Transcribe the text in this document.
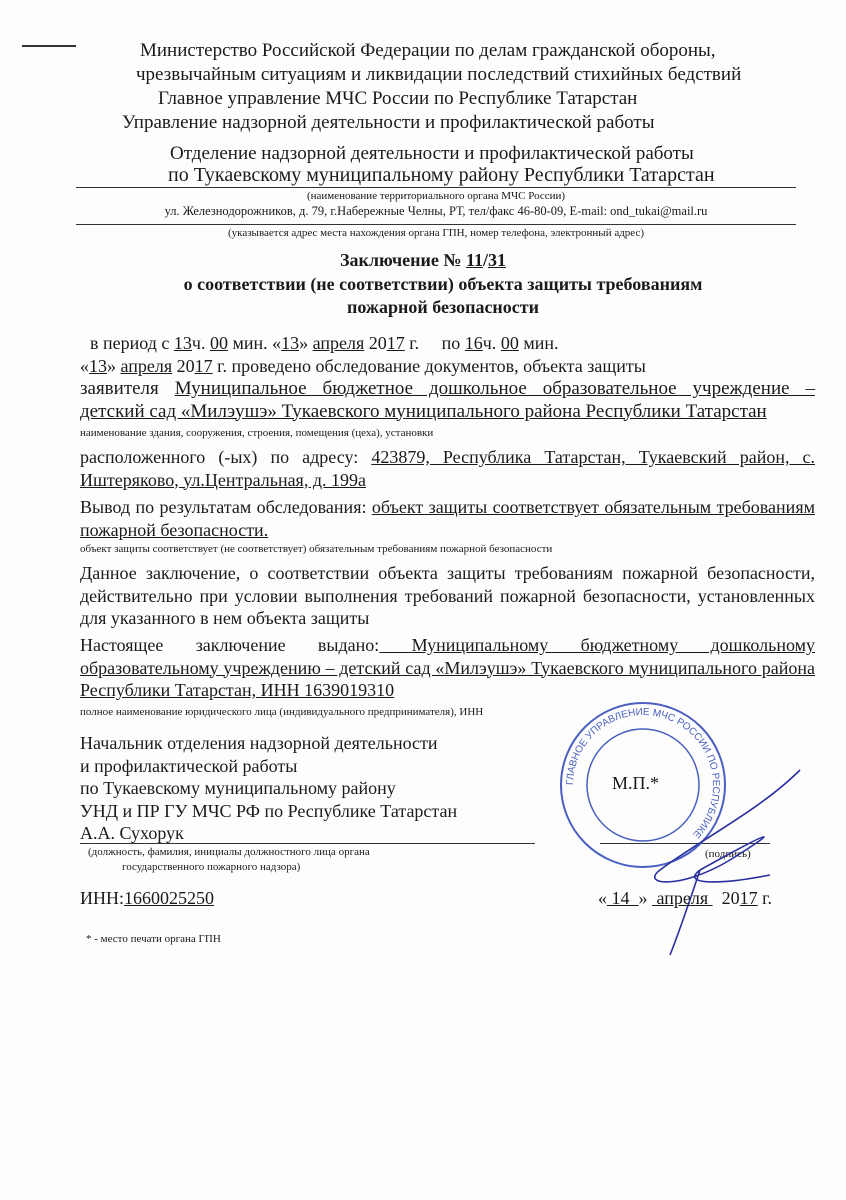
Министерство Российской Федерации по делам гражданской обороны,
чрезвычайным ситуациям и ликвидации последствий стихийных бедствий
Главное управление МЧС России по Республике Татарстан
Управление надзорной деятельности и профилактической работы
Отделение надзорной деятельности и профилактической работы
по Тукаевскому муниципальному району Республики Татарстан
(наименование территориального органа МЧС России)
ул. Железнодорожников, д. 79, г.Набережные Челны, РТ, тел/факс 46-80-09, E-mail: ond_tukai@mail.ru
(указывается адрес места нахождения органа ГПН, номер телефона, электронный адрес)
Заключение № 11/31
о соответствии (не соответствии) объекта защиты требованиям
пожарной безопасности
в период с 13ч. 00 мин. «13» апреля 2017 г.     по 16ч. 00 мин.
«13» апреля 2017 г. проведено обследование документов, объекта защиты
заявителя Муниципальное бюджетное дошкольное образовательное учреждение – детский сад «Милэушэ» Тукаевского муниципального района Республики Татарстан
наименование здания, сооружения, строения, помещения (цеха), установки
расположенного (-ых) по адресу: 423879, Республика Татарстан, Тукаевский район, с. Иштеряково, ул.Центральная, д. 199а
Вывод по результатам обследования: объект защиты соответствует обязательным требованиям пожарной безопасности.
объект защиты соответствует (не соответствует) обязательным требованиям пожарной безопасности
Данное заключение, о соответствии объекта защиты требованиям пожарной безопасности, действительно при условии выполнения требований пожарной безопасности, установленных для указанного в нем объекта защиты
Настоящее заключение выдано: Муниципальному бюджетному дошкольному образовательному учреждению – детский сад «Милэушэ» Тукаевского муниципального района Республики Татарстан, ИНН 1639019310
полное наименование юридического лица (индивидуального предпринимателя), ИНН
Начальник отделения надзорной деятельности
и профилактической работы
по Тукаевскому муниципальному району
УНД и ПР ГУ МЧС РФ по Республике Татарстан
А.А. Сухорук
(должность, фамилия, инициалы должностного лица органа
государственного пожарного надзора)
(подпись)
ГЛАВНОЕ УПРАВЛЕНИЕ МЧС РОССИИ ПО РЕСПУБЛИКЕ
М.П.*
ИНН:1660025250	« 14 » апреля 2017 г.
* - место печати органа ГПН
